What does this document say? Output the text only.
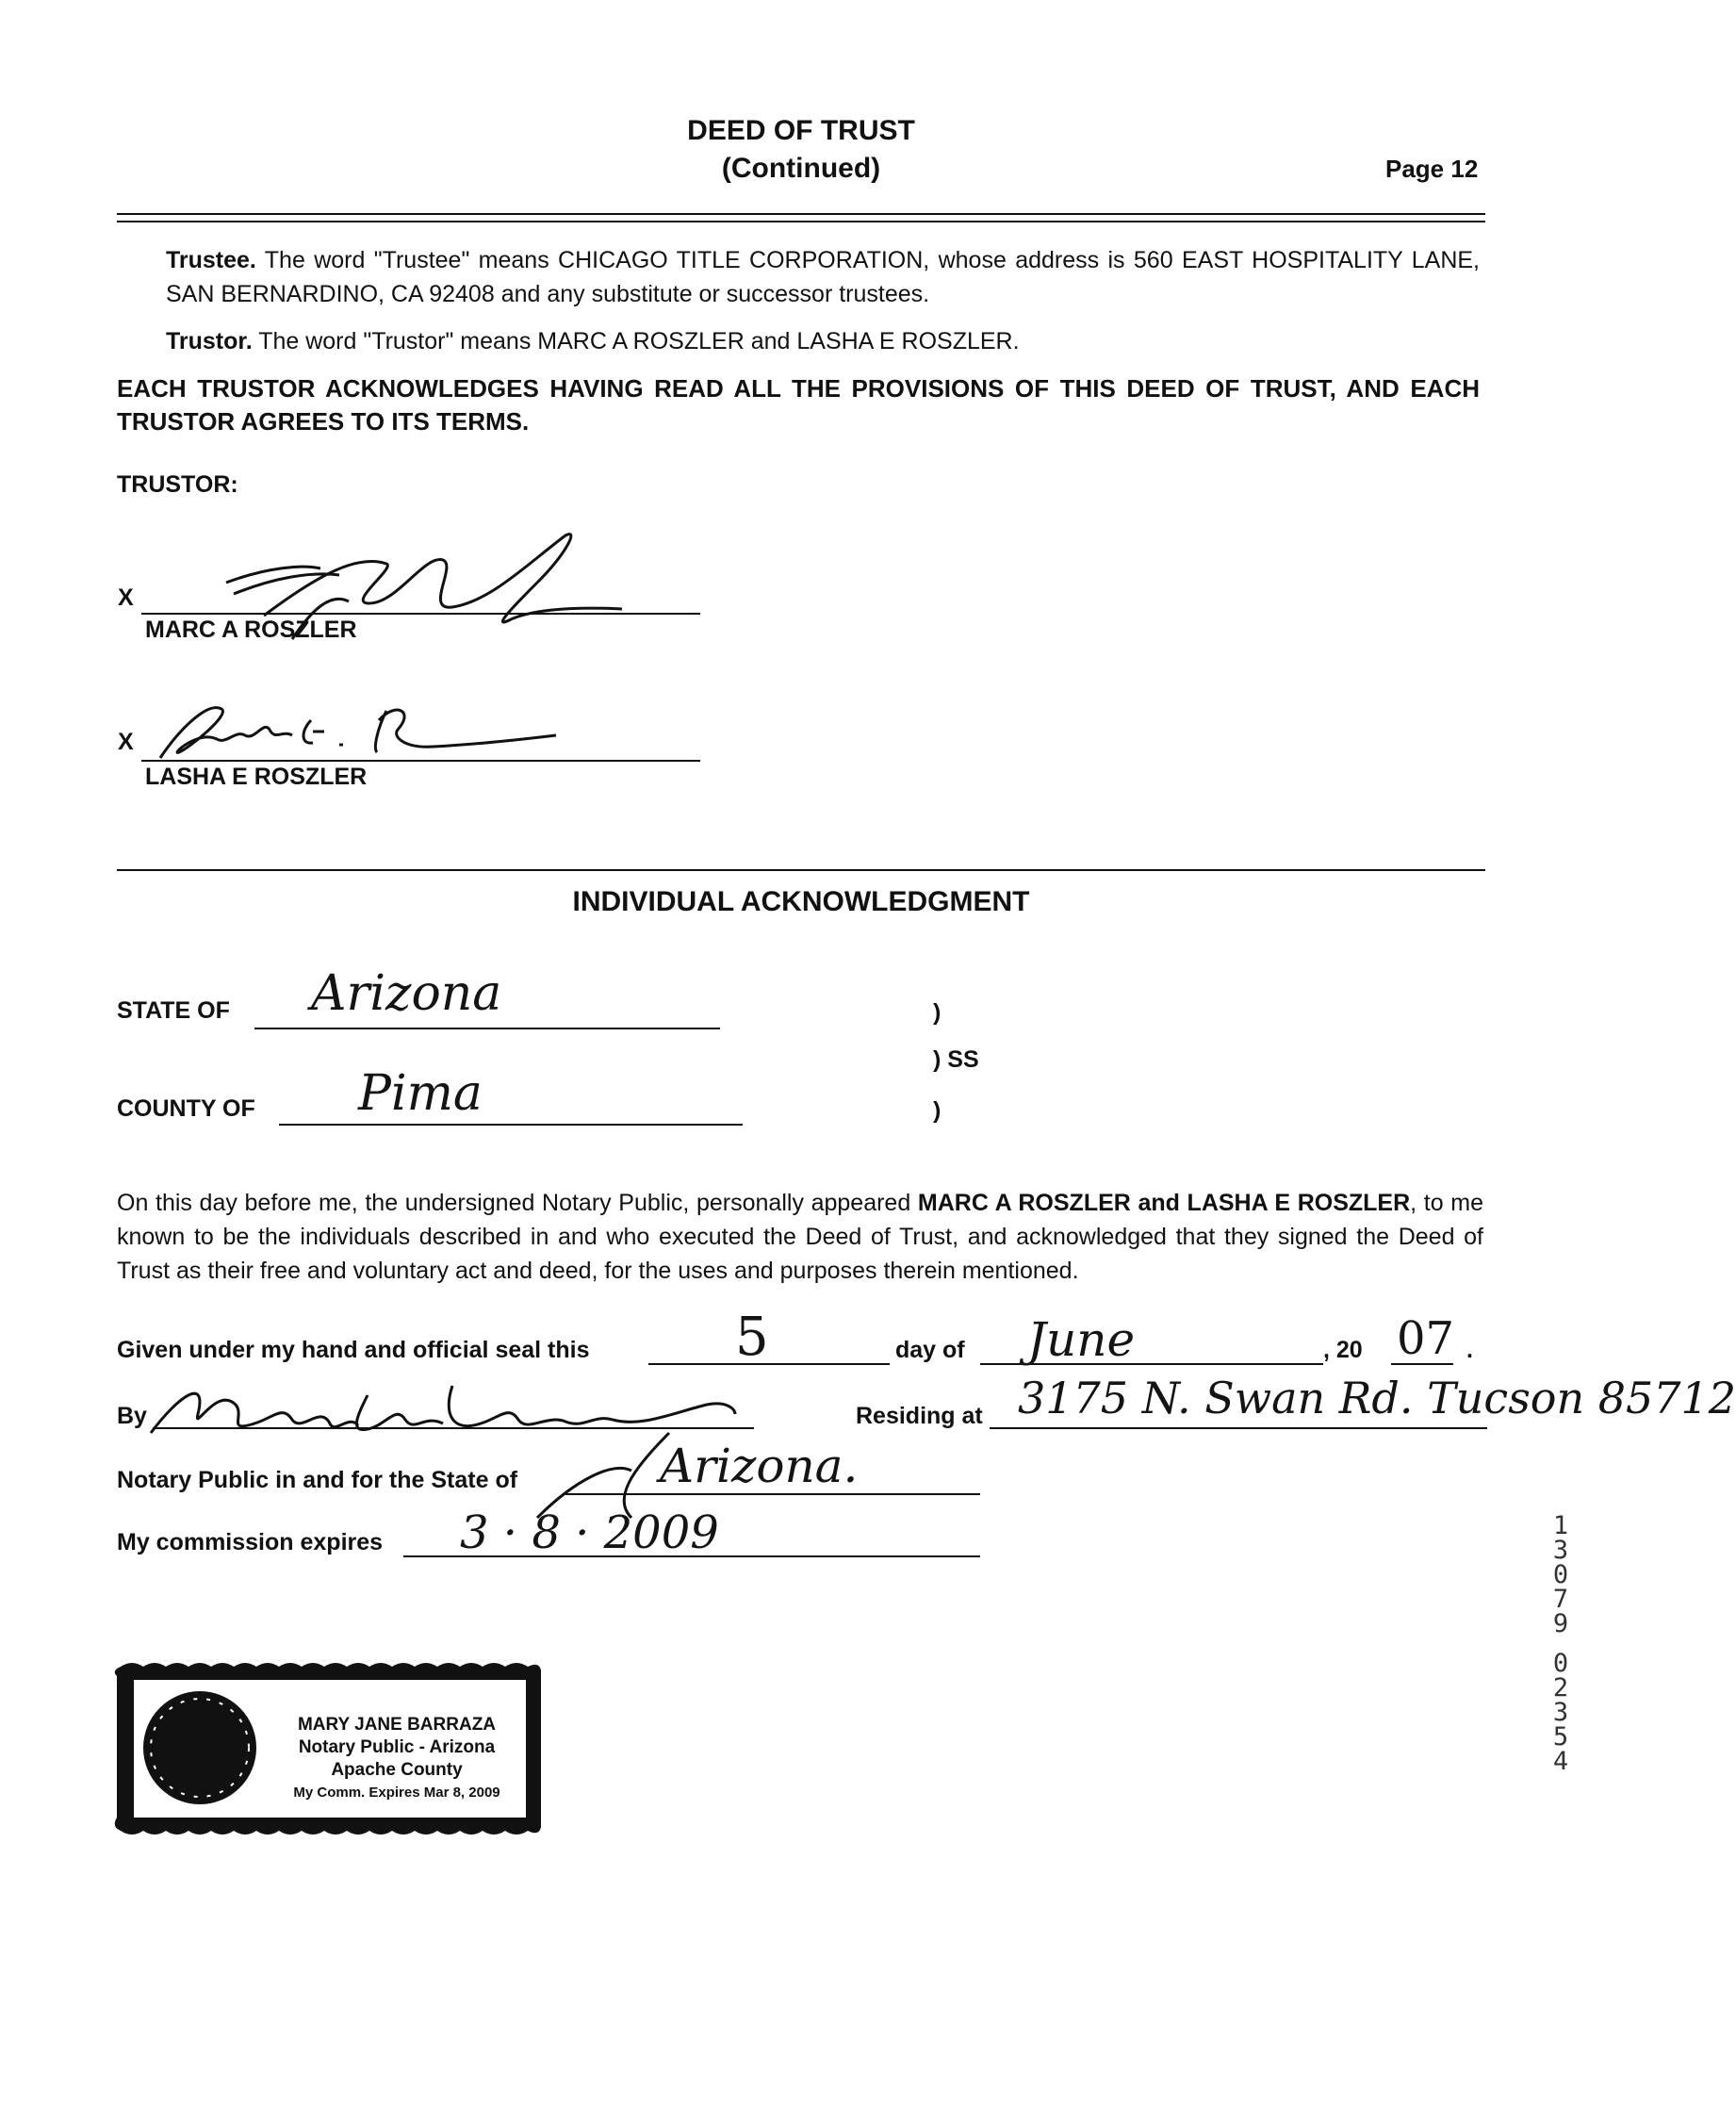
DEED OF TRUST
(Continued)	Page 12
Trustee. The word "Trustee" means CHICAGO TITLE CORPORATION, whose address is 560 EAST HOSPITALITY LANE, SAN BERNARDINO, CA 92408 and any substitute or successor trustees.
Trustor. The word "Trustor" means MARC A ROSZLER and LASHA E ROSZLER.
EACH TRUSTOR ACKNOWLEDGES HAVING READ ALL THE PROVISIONS OF THIS DEED OF TRUST, AND EACH TRUSTOR AGREES TO ITS TERMS.
TRUSTOR:
X
MARC A ROSZLER
X
LASHA E ROSZLER
INDIVIDUAL ACKNOWLEDGMENT
STATE OF Arizona
COUNTY OF Pima
)
) SS
)
On this day before me, the undersigned Notary Public, personally appeared MARC A ROSZLER and LASHA E ROSZLER, to me known to be the individuals described in and who executed the Deed of Trust, and acknowledged that they signed the Deed of Trust as their free and voluntary act and deed, for the uses and purposes therein mentioned.
Given under my hand and official seal this	5	day of June	, 20 07 .
By	Residing at 3175 N. Swan Rd. Tucson 85712
Notary Public in and for the State of	Arizona.
My commission expires 3 · 8 · 2009
MARY JANE BARRAZA
Notary Public - Arizona
Apache County
My Comm. Expires Mar 8, 2009
1
3
0
7
9
0
2
3
5
4
